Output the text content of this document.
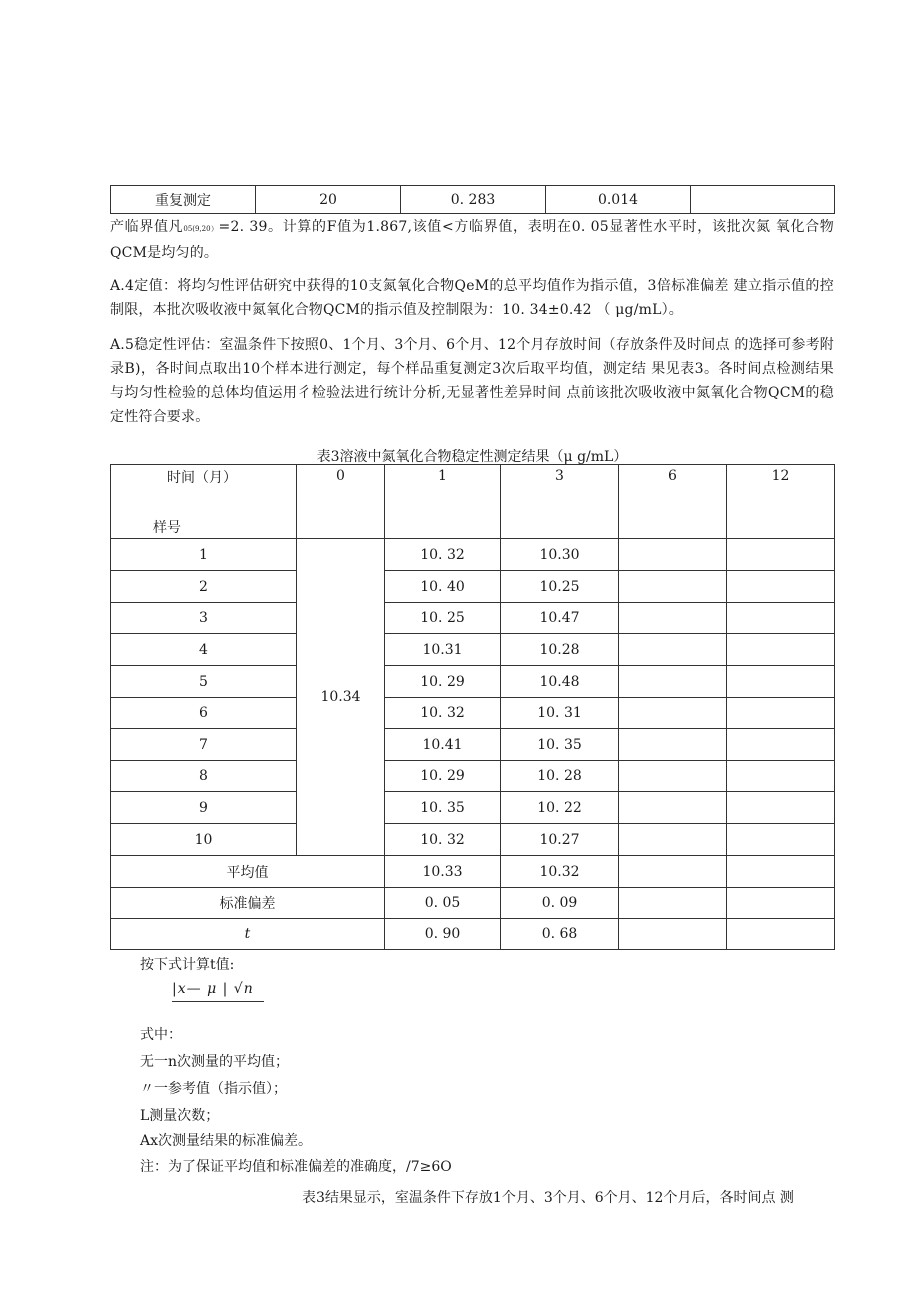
重复测定	20	0. 283	0.014	
产临界值凡05(9,20）=2. 39。计算的F值为1.867,该值<方临界值，表明在0. 05显著性水平时，该批次氮 氧化合物QCM是均匀的。
A.4定值：将均匀性评估研究中获得的10支氮氧化合物QeM的总平均值作为指示值，3倍标准偏差 建立指示值的控制限，本批次吸收液中氮氧化合物QCM的指示值及控制限为：10. 34±0.42 （ μg/mL）。
A.5稳定性评估：室温条件下按照0、1个月、3个月、6个月、12个月存放时间（存放条件及时间点 的选择可参考附录B)，各时间点取出10个样本进行测定，每个样品重复测定3次后取平均值，测定结 果见表3。各时间点检测结果与均匀性检验的总体均值运用彳检验法进行统计分析,无显著性差异时间 点前该批次吸收液中氮氧化合物QCM的稳定性符合要求。
表3溶液中氮氧化合物稳定性测定结果（μ g/mL）
时间（月）
样号	0	1	3	6	12
1	10.34	10. 32	10.30		
2		10. 40	10.25		
3		10. 25	10.47		
4		10.31	10.28		
5		10. 29	10.48		
6		10. 32	10. 31		
7		10.41	10. 35		
8		10. 29	10. 28		
9		10. 35	10. 22		
10		10. 32	10.27		
平均值		10.33	10.32		
标准偏差		0. 05	0. 09		
t		0. 90	0. 68		
按下式计算t值:
|x— μ | √n
式中：
无一n次测量的平均值；
〃一参考值（指示值）；
L测量次数；
Ax次测量结果的标准偏差。
注：为了保证平均值和标准偏差的准确度，/7≥6O
表3结果显示，室温条件下存放1个月、3个月、6个月、12个月后，各时间点 测
